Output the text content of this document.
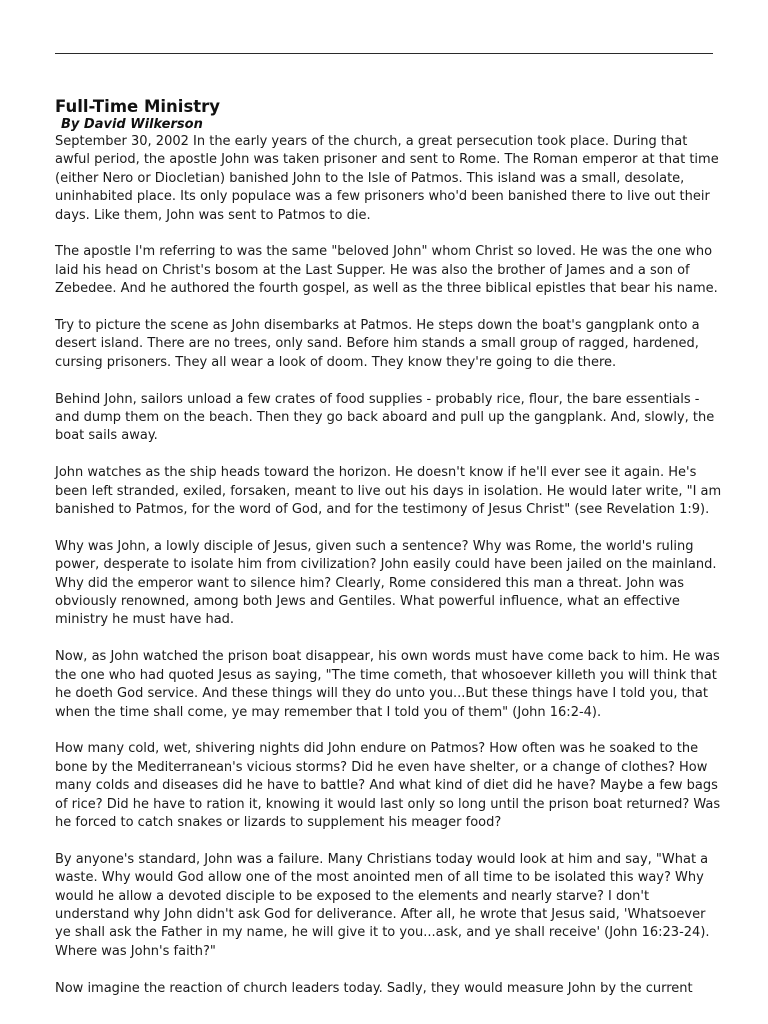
Full-Time Ministry
By David Wilkerson

September 30, 2002 In the early years of the church, a great persecution took place. During that
awful period, the apostle John was taken prisoner and sent to Rome. The Roman emperor at that time
(either Nero or Diocletian) banished John to the Isle of Patmos. This island was a small, desolate,
uninhabited place. Its only populace was a few prisoners who'd been banished there to live out their
days. Like them, John was sent to Patmos to die.

The apostle I'm referring to was the same "beloved John" whom Christ so loved. He was the one who
laid his head on Christ's bosom at the Last Supper. He was also the brother of James and a son of
Zebedee. And he authored the fourth gospel, as well as the three biblical epistles that bear his name.

Try to picture the scene as John disembarks at Patmos. He steps down the boat's gangplank onto a
desert island. There are no trees, only sand. Before him stands a small group of ragged, hardened,
cursing prisoners. They all wear a look of doom. They know they're going to die there.

Behind John, sailors unload a few crates of food supplies - probably rice, flour, the bare essentials -
and dump them on the beach. Then they go back aboard and pull up the gangplank. And, slowly, the
boat sails away.

John watches as the ship heads toward the horizon. He doesn't know if he'll ever see it again. He's
been left stranded, exiled, forsaken, meant to live out his days in isolation. He would later write, "I am
banished to Patmos, for the word of God, and for the testimony of Jesus Christ" (see Revelation 1:9).

Why was John, a lowly disciple of Jesus, given such a sentence? Why was Rome, the world's ruling
power, desperate to isolate him from civilization? John easily could have been jailed on the mainland.
Why did the emperor want to silence him? Clearly, Rome considered this man a threat. John was
obviously renowned, among both Jews and Gentiles. What powerful influence, what an effective
ministry he must have had.

Now, as John watched the prison boat disappear, his own words must have come back to him. He was
the one who had quoted Jesus as saying, "The time cometh, that whosoever killeth you will think that
he doeth God service. And these things will they do unto you...But these things have I told you, that
when the time shall come, ye may remember that I told you of them" (John 16:2-4).

How many cold, wet, shivering nights did John endure on Patmos? How often was he soaked to the
bone by the Mediterranean's vicious storms? Did he even have shelter, or a change of clothes? How
many colds and diseases did he have to battle? And what kind of diet did he have? Maybe a few bags
of rice? Did he have to ration it, knowing it would last only so long until the prison boat returned? Was
he forced to catch snakes or lizards to supplement his meager food?

By anyone's standard, John was a failure. Many Christians today would look at him and say, "What a
waste. Why would God allow one of the most anointed men of all time to be isolated this way? Why
would he allow a devoted disciple to be exposed to the elements and nearly starve? I don't
understand why John didn't ask God for deliverance. After all, he wrote that Jesus said, 'Whatsoever
ye shall ask the Father in my name, he will give it to you...ask, and ye shall receive' (John 16:23-24).
Where was John's faith?"

Now imagine the reaction of church leaders today. Sadly, they would measure John by the current
